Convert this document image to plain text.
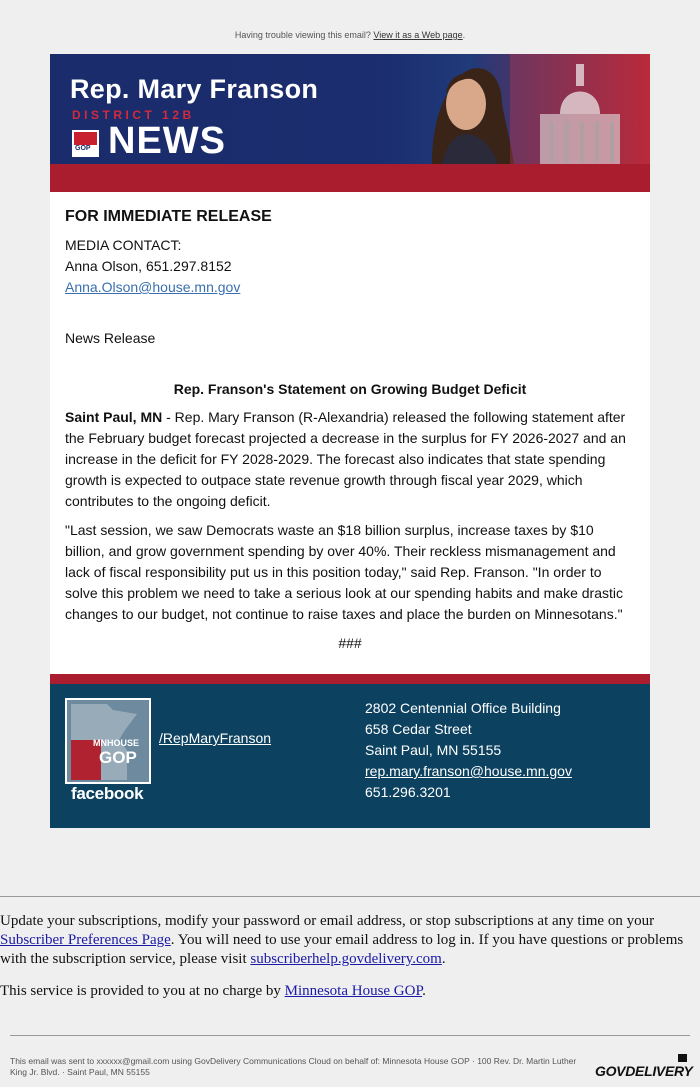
Having trouble viewing this email? View it as a Web page.
Rep. Mary Franson
DISTRICT 12B
GOP NEWS
FOR IMMEDIATE RELEASE
MEDIA CONTACT:
Anna Olson, 651.297.8152
Anna.Olson@house.mn.gov
News Release
Rep. Franson's Statement on Growing Budget Deficit

Saint Paul, MN - Rep. Mary Franson (R-Alexandria) released the following statement after the February budget forecast projected a decrease in the surplus for FY 2026-2027 and an increase in the deficit for FY 2028-2029. The forecast also indicates that state spending growth is expected to outpace state revenue growth through fiscal year 2029, which contributes to the ongoing deficit.

"Last session, we saw Democrats waste an $18 billion surplus, increase taxes by $10 billion, and grow government spending by over 40%. Their reckless mismanagement and lack of fiscal responsibility put us in this position today," said Rep. Franson. "In order to solve this problem we need to take a serious look at our spending habits and make drastic changes to our budget, not continue to raise taxes and place the burden on Minnesotans."

###
MNHOUSE
GOP
facebook
/RepMaryFranson
2802 Centennial Office Building
658 Cedar Street
Saint Paul, MN 55155
rep.mary.franson@house.mn.gov
651.296.3201

Update your subscriptions, modify your password or email address, or stop subscriptions at any time on your Subscriber Preferences Page. You will need to use your email address to log in. If you have questions or problems with the subscription service, please visit subscriberhelp.govdelivery.com.

This service is provided to you at no charge by Minnesota House GOP.

This email was sent to xxxxxx@gmail.com using GovDelivery Communications Cloud on behalf of: Minnesota House GOP · 100 Rev. Dr. Martin Luther King Jr. Blvd. · Saint Paul, MN 55155	GOVDELIVERY
